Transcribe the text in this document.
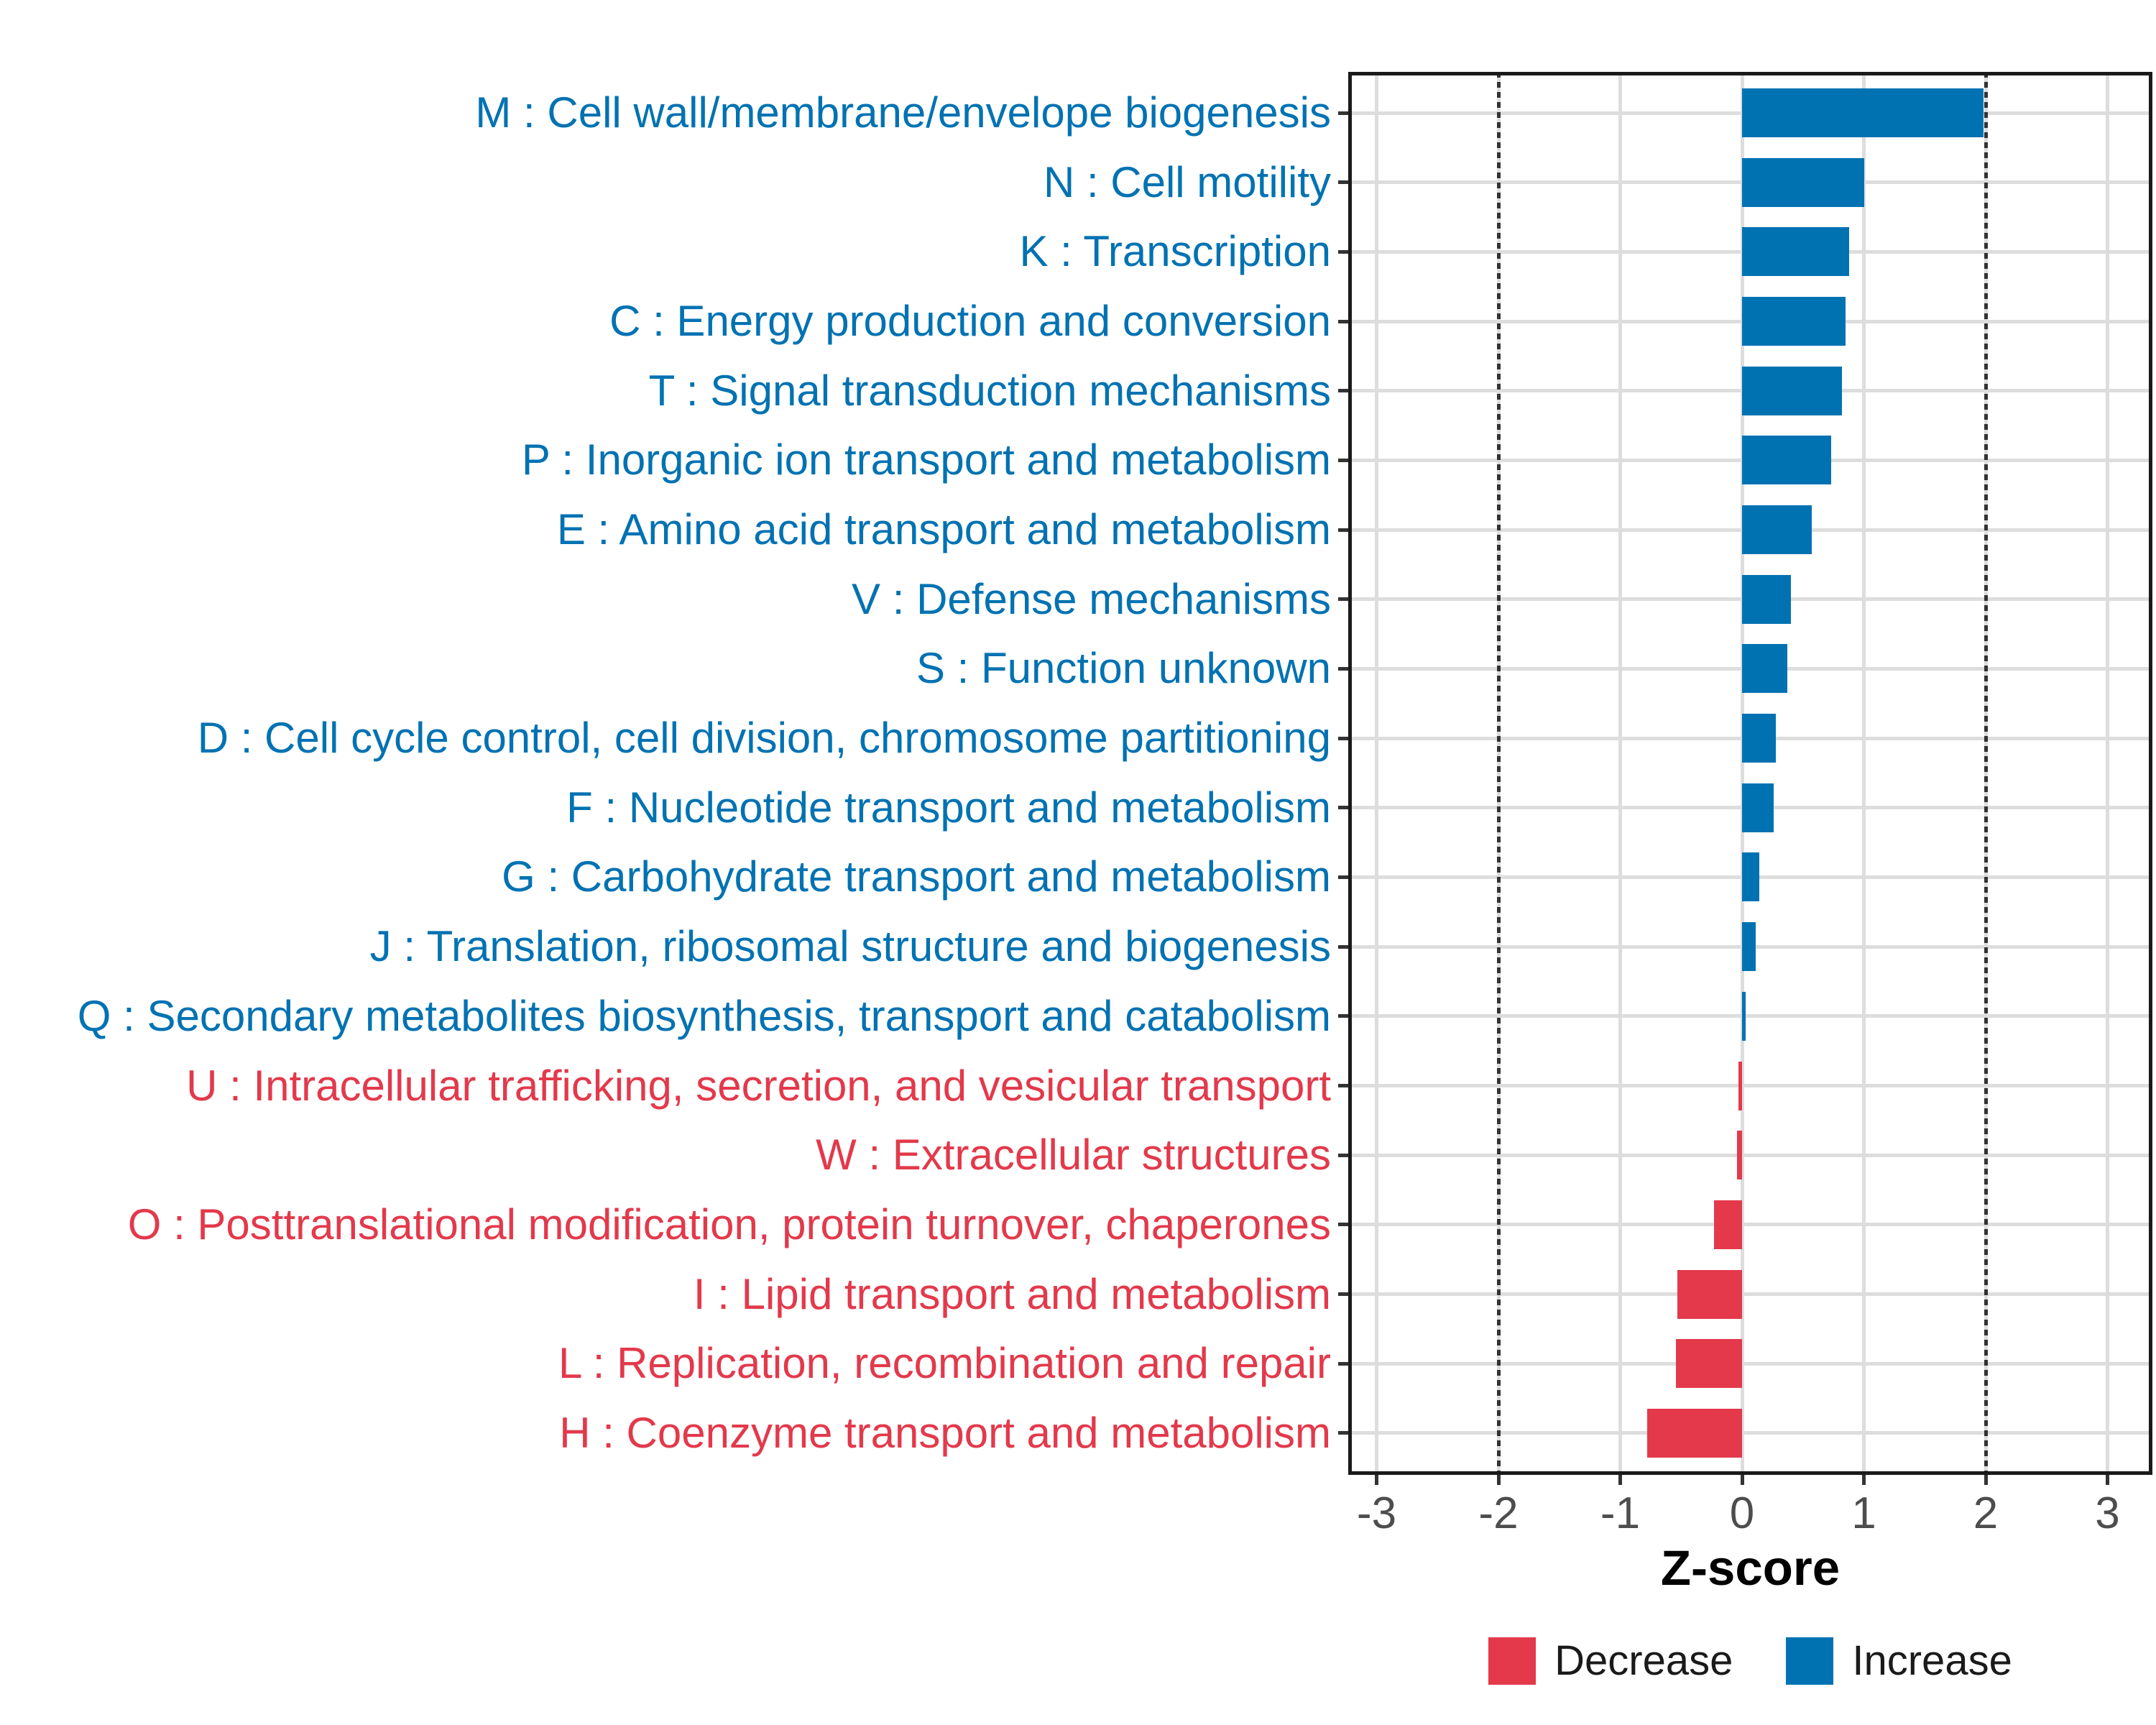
-3	-2	-1	0	1	2	3
M : Cell wall/membrane/envelope biogenesis
N : Cell motility
K : Transcription
C : Energy production and conversion
T : Signal transduction mechanisms
P : Inorganic ion transport and metabolism
E : Amino acid transport and metabolism
V : Defense mechanisms
S : Function unknown
D : Cell cycle control, cell division, chromosome partitioning
F : Nucleotide transport and metabolism
G : Carbohydrate transport and metabolism
J : Translation, ribosomal structure and biogenesis
Q : Secondary metabolites biosynthesis, transport and catabolism
U : Intracellular trafficking, secretion, and vesicular transport
W : Extracellular structures
O : Posttranslational modification, protein turnover, chaperones
I : Lipid transport and metabolism
L : Replication, recombination and repair
H : Coenzyme transport and metabolism
Z-score
Decrease	Increase
